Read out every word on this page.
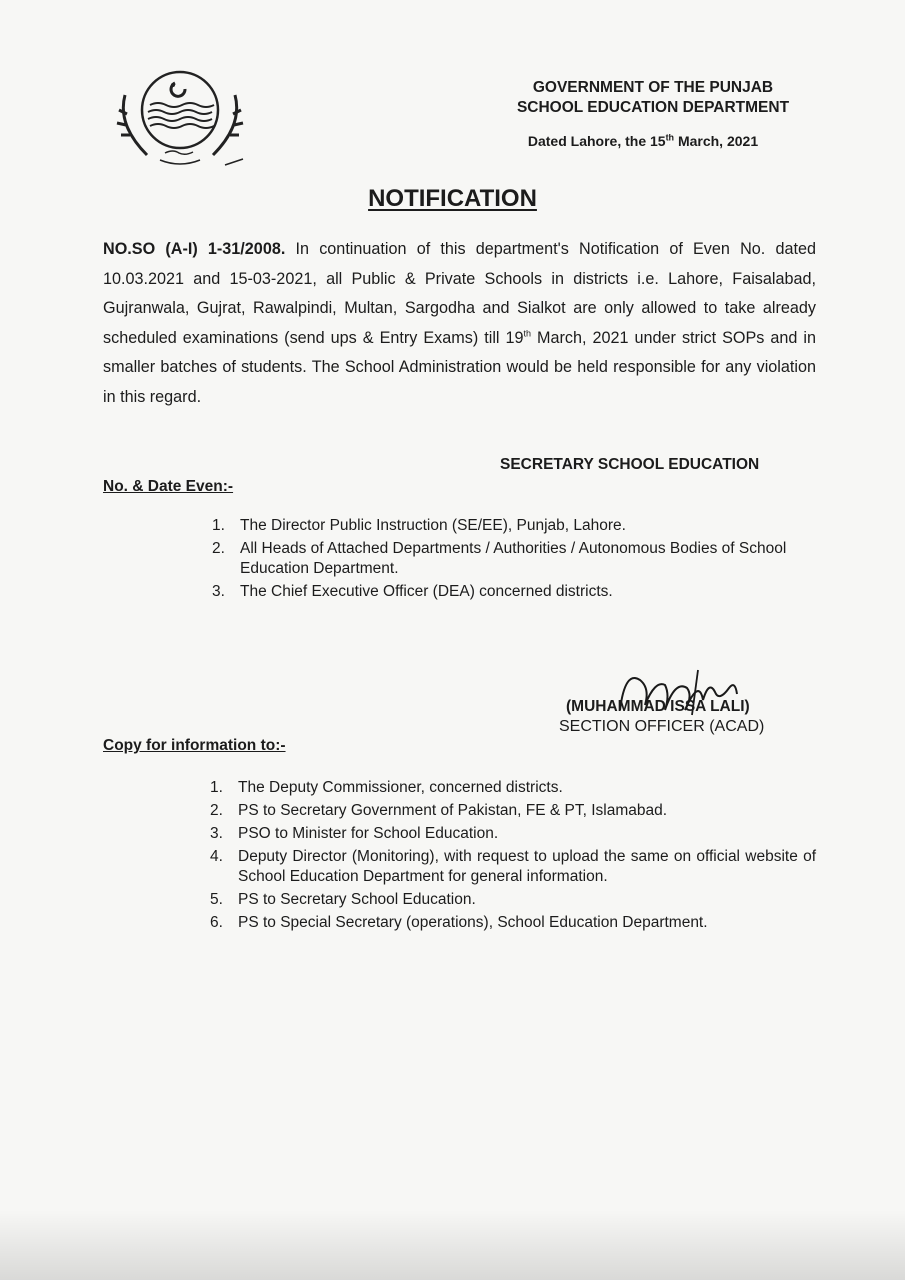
GOVERNMENT OF THE PUNJAB
SCHOOL EDUCATION DEPARTMENT
Dated Lahore, the 15th March, 2021
NOTIFICATION
NO.SO (A-I) 1-31/2008. In continuation of this department's Notification of Even No. dated 10.03.2021 and 15-03-2021, all Public & Private Schools in districts i.e. Lahore, Faisalabad, Gujranwala, Gujrat, Rawalpindi, Multan, Sargodha and Sialkot are only allowed to take already scheduled examinations (send ups & Entry Exams) till 19th March, 2021 under strict SOPs and in smaller batches of students. The School Administration would be held responsible for any violation in this regard.
SECRETARY SCHOOL EDUCATION
No. & Date Even:-
1. The Director Public Instruction (SE/EE), Punjab, Lahore.
2. All Heads of Attached Departments / Authorities / Autonomous Bodies of School Education Department.
3. The Chief Executive Officer (DEA) concerned districts.
(MUHAMMAD ISSA LALI)
SECTION OFFICER (ACAD)
Copy for information to:-
1. The Deputy Commissioner, concerned districts.
2. PS to Secretary Government of Pakistan, FE & PT, Islamabad.
3. PSO to Minister for School Education.
4. Deputy Director (Monitoring), with request to upload the same on official website of School Education Department for general information.
5. PS to Secretary School Education.
6. PS to Special Secretary (operations), School Education Department.
